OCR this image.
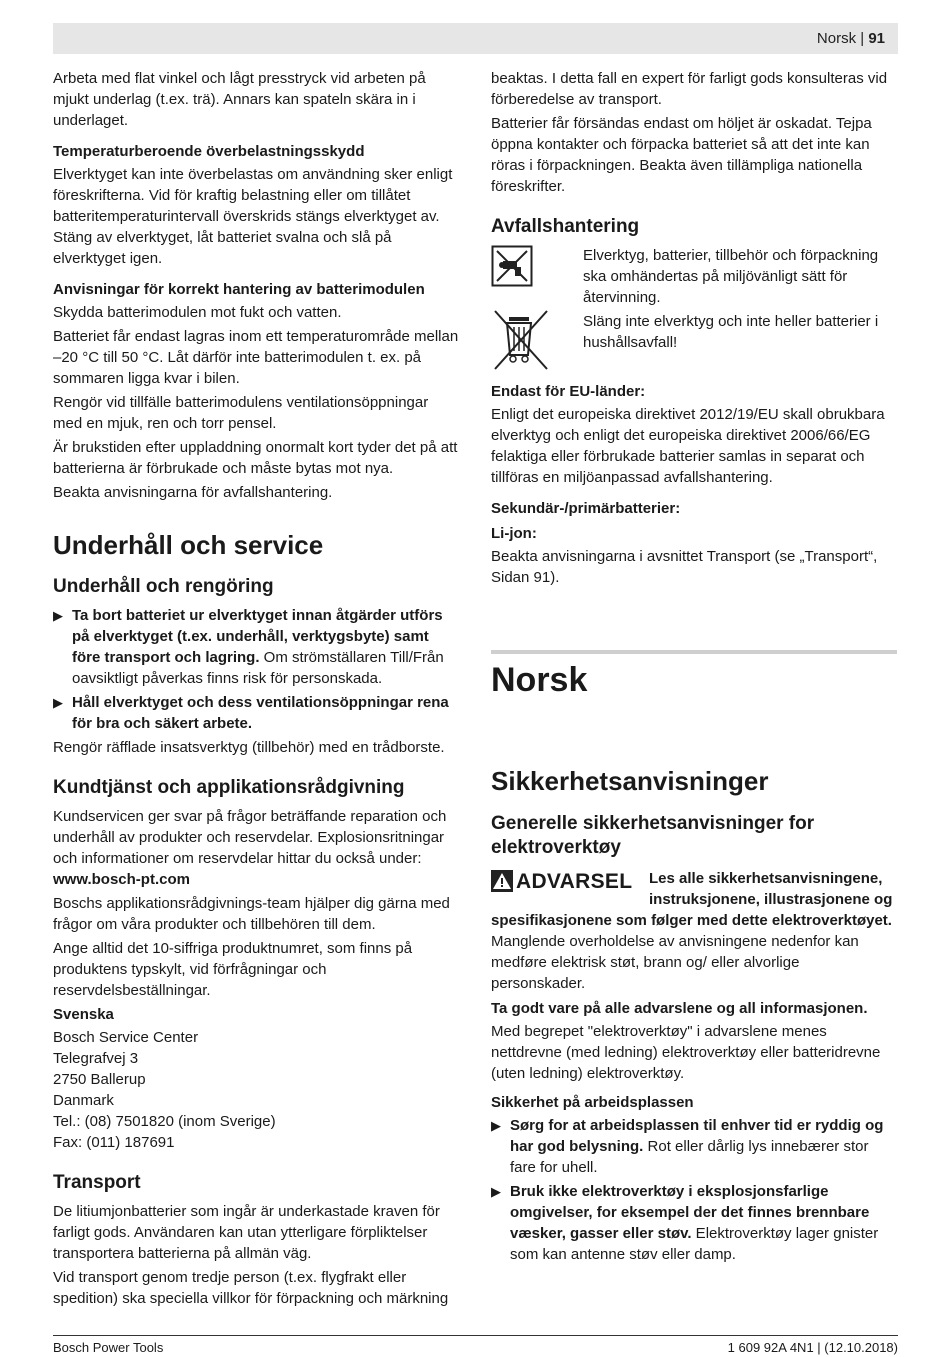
Norsk | 91

Arbeta med flat vinkel och lågt presstryck vid arbeten på mjukt underlag (t.ex. trä). Annars kan spateln skära in i underlaget.

Temperaturberoende överbelastningsskydd

Elverktyget kan inte överbelastas om användning sker enligt föreskrifterna. Vid för kraftig belastning eller om tillåtet batteritemperaturintervall överskrids stängs elverktyget av. Stäng av elverktyget, låt batteriet svalna och slå på elverktyget igen.

Anvisningar för korrekt hantering av batterimodulen

Skydda batterimodulen mot fukt och vatten.

Batteriet får endast lagras inom ett temperaturområde mellan –20 °C till 50 °C. Låt därför inte batterimodulen t. ex. på sommaren ligga kvar i bilen.

Rengör vid tillfälle batterimodulens ventilationsöppningar med en mjuk, ren och torr pensel.

Är brukstiden efter uppladdning onormalt kort tyder det på att batterierna är förbrukade och måste bytas mot nya.

Beakta anvisningarna för avfallshantering.

Underhåll och service
Underhåll och rengöring
▶ Ta bort batteriet ur elverktyget innan åtgärder utförs på elverktyget (t.ex. underhåll, verktygsbyte) samt före transport och lagring. Om strömställaren Till/Från oavsiktligt påverkas finns risk för personskada.
▶ Håll elverktyget och dess ventilationsöppningar rena för bra och säkert arbete.

Rengör räfflade insatsverktyg (tillbehör) med en trådborste.

Kundtjänst och applikationsrådgivning

Kundservicen ger svar på frågor beträffande reparation och underhåll av produkter och reservdelar. Explosionsritningar och informationer om reservdelar hittar du också under:

www.bosch-pt.com

Boschs applikationsrådgivnings-team hjälper dig gärna med frågor om våra produkter och tillbehören till dem.

Ange alltid det 10-siffriga produktnumret, som finns på produktens typskylt, vid förfrågningar och reservdelsbeställningar.

Svenska

Bosch Service Center

Telegrafvej 3

2750 Ballerup

Danmark

Tel.: (08) 7501820 (inom Sverige)

Fax: (011) 187691

Transport

De litiumjonbatterier som ingår är underkastade kraven för farligt gods. Användaren kan utan ytterligare förpliktelser transportera batterierna på allmän väg.

Vid transport genom tredje person (t.ex. flygfrakt eller spedition) ska speciella villkor för förpackning och märkning

beaktas. I detta fall en expert för farligt gods konsulteras vid förberedelse av transport.

Batterier får försändas endast om höljet är oskadat. Tejpa öppna kontakter och förpacka batteriet så att det inte kan röras i förpackningen. Beakta även tillämpliga nationella föreskrifter.

Avfallshantering

Elverktyg, batterier, tillbehör och förpackning ska omhändertas på miljövänligt sätt för återvinning.

Släng inte elverktyg och inte heller batterier i hushållsavfall!

Endast för EU-länder:

Enligt det europeiska direktivet 2012/19/EU skall obrukbara elverktyg och enligt det europeiska direktivet 2006/66/EG felaktiga eller förbrukade batterier samlas in separat och tillföras en miljöanpassad avfallshantering.

Sekundär-/primärbatterier:
Li-jon:

Beakta anvisningarna i avsnittet Transport (se „Transport“, Sidan 91).

Norsk
Sikkerhetsanvisninger
Generelle sikkerhetsanvisninger for elektroverktøy
ADVARSEL	Les alle sikkerhetsanvisningene, instruksjonene, illustrasjonene og spesifikasjonene som følger med dette elektroverktøyet. Manglende overholdelse av anvisningene nedenfor kan medføre elektrisk støt, brann og/ eller alvorlige personskader.

Ta godt vare på alle advarslene og all informasjonen.

Med begrepet "elektroverktøy" i advarslene menes nettdrevne (med ledning) elektroverktøy eller batteridrevne (uten ledning) elektroverktøy.

Sikkerhet på arbeidsplassen
▶ Sørg for at arbeidsplassen til enhver tid er ryddig og har god belysning. Rot eller dårlig lys innebærer stor fare for uhell.
▶ Bruk ikke elektroverktøy i eksplosjonsfarlige omgivelser, for eksempel der det finnes brennbare væsker, gasser eller støv. Elektroverktøy lager gnister som kan antenne støv eller damp.
Bosch Power Tools	1 609 92A 4N1 | (12.10.2018)
